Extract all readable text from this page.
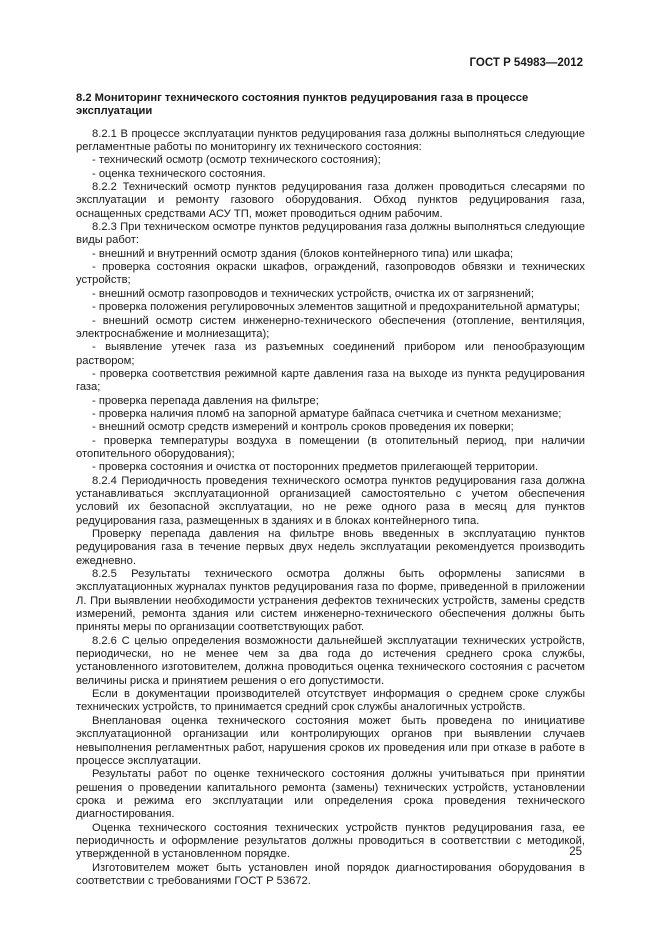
ГОСТ Р 54983—2012
8.2 Мониторинг технического состояния пунктов редуцирования газа в процессе эксплуатации
8.2.1 В процессе эксплуатации пунктов редуцирования газа должны выполняться следующие регламентные работы по мониторингу их технического состояния:
- технический осмотр (осмотр технического состояния);
- оценка технического состояния.
8.2.2 Технический осмотр пунктов редуцирования газа должен проводиться слесарями по эксплуатации и ремонту газового оборудования. Обход пунктов редуцирования газа, оснащенных средствами АСУ ТП, может проводиться одним рабочим.
8.2.3 При техническом осмотре пунктов редуцирования газа должны выполняться следующие виды работ:
- внешний и внутренний осмотр здания (блоков контейнерного типа) или шкафа;
- проверка состояния окраски шкафов, ограждений, газопроводов обвязки и технических устройств;
- внешний осмотр газопроводов и технических устройств, очистка их от загрязнений;
- проверка положения регулировочных элементов защитной и предохранительной арматуры;
- внешний осмотр систем инженерно-технического обеспечения (отопление, вентиляция, электроснабжение и молниезащита);
- выявление утечек газа из разъемных соединений прибором или пенообразующим раствором;
- проверка соответствия режимной карте давления газа на выходе из пункта редуцирования газа;
- проверка перепада давления на фильтре;
- проверка наличия пломб на запорной арматуре байпаса счетчика и счетном механизме;
- внешний осмотр средств измерений и контроль сроков проведения их поверки;
- проверка температуры воздуха в помещении (в отопительный период, при наличии отопительного оборудования);
- проверка состояния и очистка от посторонних предметов прилегающей территории.
8.2.4 Периодичность проведения технического осмотра пунктов редуцирования газа должна устанавливаться эксплуатационной организацией самостоятельно с учетом обеспечения условий их безопасной эксплуатации, но не реже одного раза в месяц для пунктов редуцирования газа, размещенных в зданиях и в блоках контейнерного типа.
Проверку перепада давления на фильтре вновь введенных в эксплуатацию пунктов редуцирования газа в течение первых двух недель эксплуатации рекомендуется производить ежедневно.
8.2.5 Результаты технического осмотра должны быть оформлены записями в эксплуатационных журналах пунктов редуцирования газа по форме, приведенной в приложении Л. При выявлении необходимости устранения дефектов технических устройств, замены средств измерений, ремонта здания или систем инженерно-технического обеспечения должны быть приняты меры по организации соответствующих работ.
8.2.6 С целью определения возможности дальнейшей эксплуатации технических устройств, периодически, но не менее чем за два года до истечения среднего срока службы, установленного изготовителем, должна проводиться оценка технического состояния с расчетом величины риска и принятием решения о его допустимости.
Если в документации производителей отсутствует информация о среднем сроке службы технических устройств, то принимается средний срок службы аналогичных устройств.
Внеплановая оценка технического состояния может быть проведена по инициативе эксплуатационной организации или контролирующих органов при выявлении случаев невыполнения регламентных работ, нарушения сроков их проведения или при отказе в работе в процессе эксплуатации.
Результаты работ по оценке технического состояния должны учитываться при принятии решения о проведении капитального ремонта (замены) технических устройств, установлении срока и режима его эксплуатации или определения срока проведения технического диагностирования.
Оценка технического состояния технических устройств пунктов редуцирования газа, ее периодичность и оформление результатов должны проводиться в соответствии с методикой, утвержденной в установленном порядке.
Изготовителем может быть установлен иной порядок диагностирования оборудования в соответствии с требованиями ГОСТ Р 53672.
25
